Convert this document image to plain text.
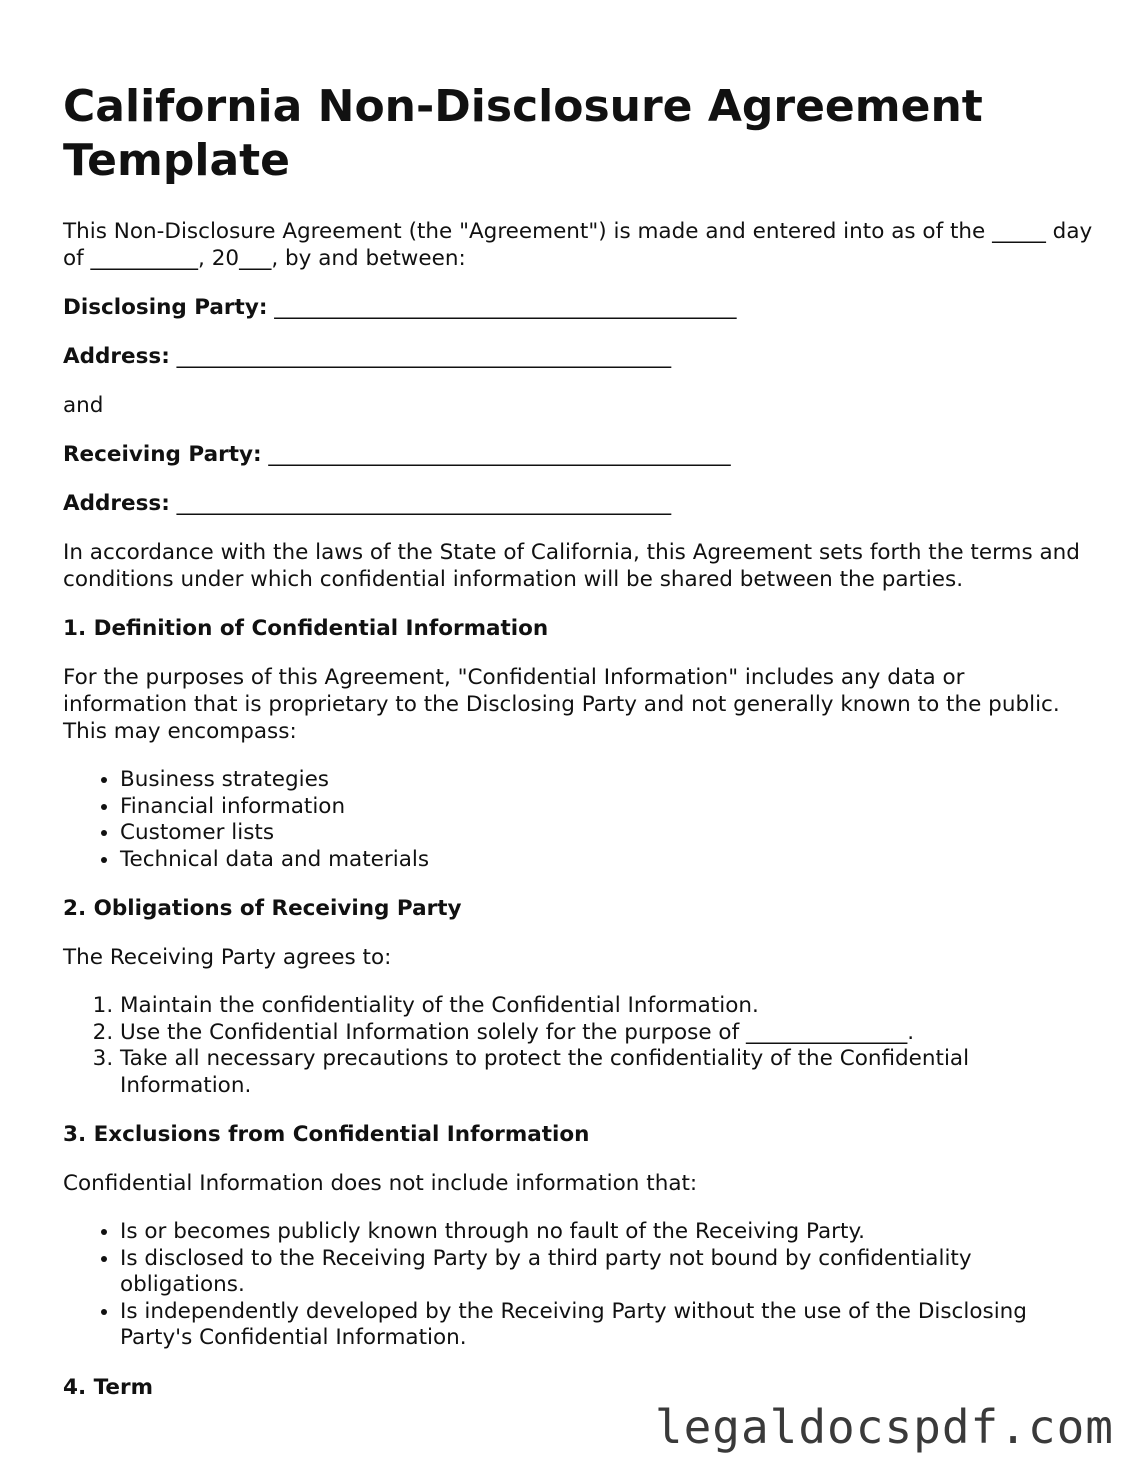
California Non-Disclosure Agreement Template

This Non-Disclosure Agreement (the "Agreement") is made and entered into as of the _____ day of __________, 20___, by and between:

Disclosing Party: ___________________________________________

Address: ______________________________________________

and

Receiving Party: ___________________________________________

Address: ______________________________________________

In accordance with the laws of the State of California, this Agreement sets forth the terms and conditions under which confidential information will be shared between the parties.

1. Definition of Confidential Information

For the purposes of this Agreement, "Confidential Information" includes any data or information that is proprietary to the Disclosing Party and not generally known to the public. This may encompass:

• Business strategies
• Financial information
• Customer lists
• Technical data and materials
2. Obligations of Receiving Party

The Receiving Party agrees to:

1. Maintain the confidentiality of the Confidential Information.
2. Use the Confidential Information solely for the purpose of _______________.
3. Take all necessary precautions to protect the confidentiality of the Confidential Information.
3. Exclusions from Confidential Information

Confidential Information does not include information that:

• Is or becomes publicly known through no fault of the Receiving Party.
• Is disclosed to the Receiving Party by a third party not bound by confidentiality obligations.
• Is independently developed by the Receiving Party without the use of the Disclosing Party's Confidential Information.
4. Term
legaldocspdf.com
